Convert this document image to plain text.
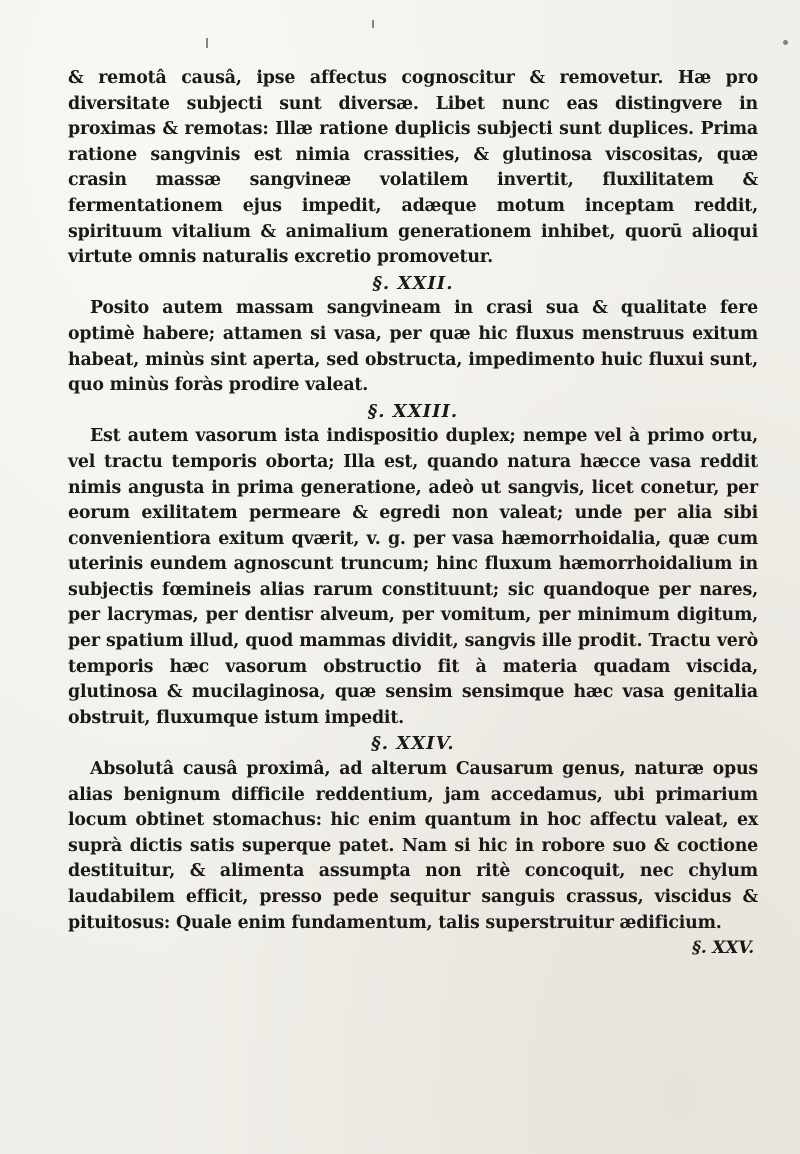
& remotâ causâ, ipse affectus cognoscitur & removetur. Hæ pro diversitate subjecti sunt diversæ. Libet nunc eas distingvere in proximas & remotas: Illæ ratione duplicis subjecti sunt duplices. Prima ratione sangvinis est nimia crassities, & glutinosa viscositas, quæ crasin massæ sangvineæ volatilem invertit, fluxilitatem & fermentationem ejus impedit, adæque motum inceptam reddit, spirituum vitalium & animalium generationem inhibet, quorū alioqui virtute omnis naturalis excretio promovetur.

§. XXII.

Posito autem massam sangvineam in crasi sua & qualitate fere optimè habere; attamen si vasa, per quæ hic fluxus menstruus exitum habeat, minùs sint aperta, sed obstructa, impedimento huic fluxui sunt, quo minùs foràs prodire valeat.

§. XXIII.

Est autem vasorum ista indispositio duplex; nempe vel à primo ortu, vel tractu temporis oborta; Illa est, quando natura hæcce vasa reddit nimis angusta in prima generatione, adeò ut sangvis, licet conetur, per eorum exilitatem permeare & egredi non valeat; unde per alia sibi convenientiora exitum qværit, v. g. per vasa hæmorrhoidalia, quæ cum uterinis eundem agnoscunt truncum; hinc fluxum hæmorrhoidalium in subjectis fœmineis alias rarum constituunt; sic quandoque per nares, per lacrymas, per dentisr alveum, per vomitum, per minimum digitum, per spatium illud, quod mammas dividit, sangvis ille prodit. Tractu verò temporis hæc vasorum obstructio fit à materia quadam viscida, glutinosa & mucilaginosa, quæ sensim sensimque hæc vasa genitalia obstruit, fluxumque istum impedit.

§. XXIV.

Absolutâ causâ proximâ, ad alterum Causarum genus, naturæ opus alias benignum difficile reddentium, jam accedamus, ubi primarium locum obtinet stomachus: hic enim quantum in hoc affectu valeat, ex suprà dictis satis superque patet. Nam si hic in robore suo & coctione destituitur, & alimenta assumpta non ritè concoquit, nec chylum laudabilem efficit, presso pede sequitur sanguis crassus, viscidus & pituitosus: Quale enim fundamentum, talis superstruitur ædificium.

§. XXV.
